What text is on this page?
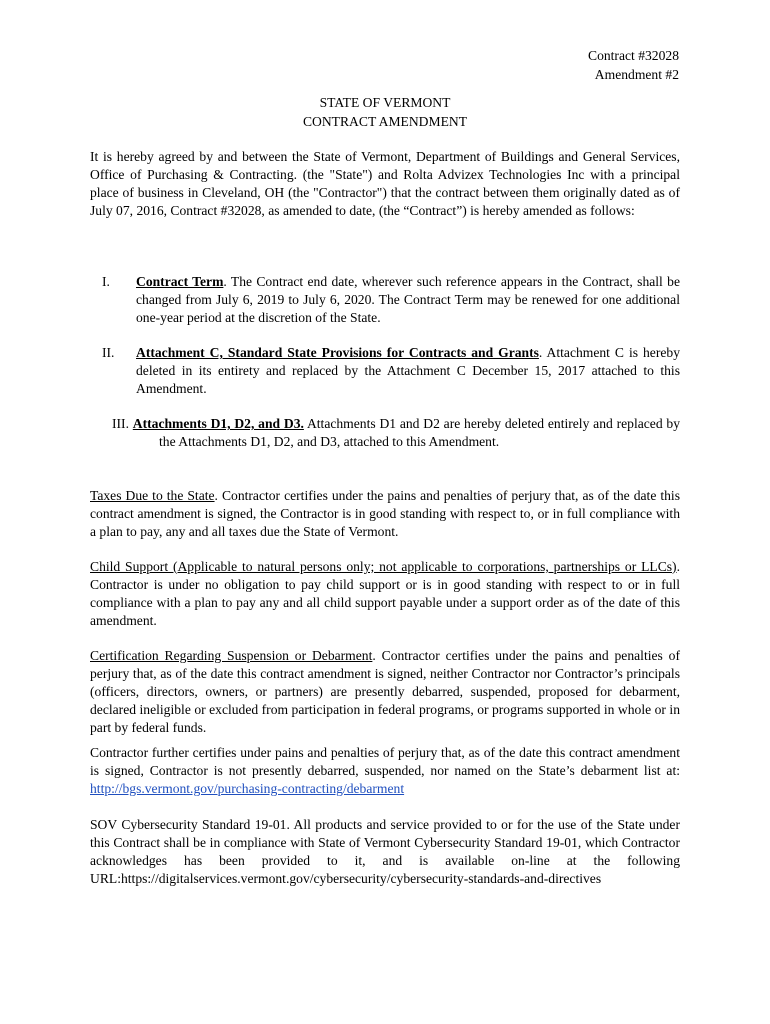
Contract #32028
Amendment #2
STATE OF VERMONT
CONTRACT AMENDMENT
It is hereby agreed by and between the State of Vermont, Department of Buildings and General Services, Office of Purchasing & Contracting. (the "State") and Rolta Advizex Technologies Inc with a principal place of business in Cleveland, OH (the "Contractor") that the contract between them originally dated as of July 07, 2016, Contract #32028, as amended to date, (the “Contract”) is hereby amended as follows:
I. Contract Term. The Contract end date, wherever such reference appears in the Contract, shall be changed from July 6, 2019 to July 6, 2020. The Contract Term may be renewed for one additional one-year period at the discretion of the State.
II. Attachment C, Standard State Provisions for Contracts and Grants. Attachment C is hereby deleted in its entirety and replaced by the Attachment C December 15, 2017 attached to this Amendment.
III. Attachments D1, D2, and D3. Attachments D1 and D2 are hereby deleted entirely and replaced by the Attachments D1, D2, and D3, attached to this Amendment.
Taxes Due to the State. Contractor certifies under the pains and penalties of perjury that, as of the date this contract amendment is signed, the Contractor is in good standing with respect to, or in full compliance with a plan to pay, any and all taxes due the State of Vermont.
Child Support (Applicable to natural persons only; not applicable to corporations, partnerships or LLCs). Contractor is under no obligation to pay child support or is in good standing with respect to or in full compliance with a plan to pay any and all child support payable under a support order as of the date of this amendment.
Certification Regarding Suspension or Debarment. Contractor certifies under the pains and penalties of perjury that, as of the date this contract amendment is signed, neither Contractor nor Contractor’s principals (officers, directors, owners, or partners) are presently debarred, suspended, proposed for debarment, declared ineligible or excluded from participation in federal programs, or programs supported in whole or in part by federal funds.
Contractor further certifies under pains and penalties of perjury that, as of the date this contract amendment is signed, Contractor is not presently debarred, suspended, nor named on the State’s debarment list at: http://bgs.vermont.gov/purchasing-contracting/debarment
SOV Cybersecurity Standard 19-01. All products and service provided to or for the use of the State under this Contract shall be in compliance with State of Vermont Cybersecurity Standard 19-01, which Contractor acknowledges has been provided to it, and is available on-line at the following URL:https://digitalservices.vermont.gov/cybersecurity/cybersecurity-standards-and-directives
